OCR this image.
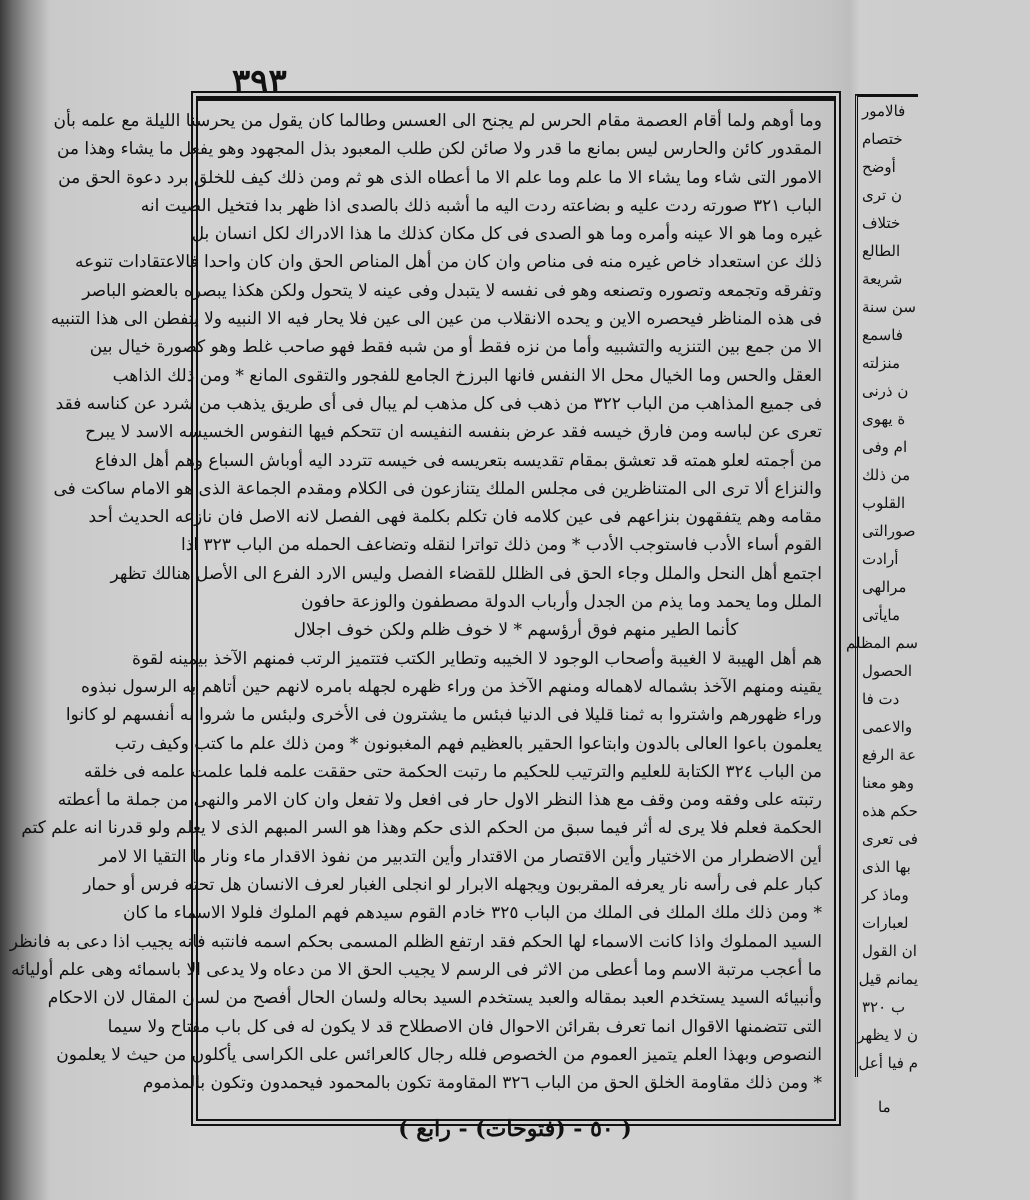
٣٩٣
وما أوهم ولما أقام العصمة مقام الحرس لم يجنح الى العسس وطالما كان يقول من يحرسنا الليلة مع علمه بأن
المقدور كائن والحارس ليس بمانع ما قدر ولا صائن لكن طلب المعبود بذل المجهود وهو يفعل ما يشاء وهذا من
الامور التى شاء وما يشاء الا ما علم وما علم الا ما أعطاه الذى هو ثم ومن ذلك كيف للخلق برد دعوة الحق من
الباب ٣٢١ صورته ردت عليه و بضاعته ردت اليه ما أشبه ذلك بالصدى اذا ظهر بدا فتخيل الصيت انه
غيره وما هو الا عينه وأمره وما هو الصدى فى كل مكان كذلك ما هذا الادراك لكل انسان بل
ذلك عن استعداد خاص غيره منه فى مناص وان كان من أهل المناص الحق وان كان واحدا فالاعتقادات تنوعه
وتفرقه وتجمعه وتصوره وتصنعه وهو فى نفسه لا يتبدل وفى عينه لا يتحول ولكن هكذا يبصره بالعضو الباصر
فى هذه المناظر فيحصره الاين و يحده الانقلاب من عين الى عين فلا يحار فيه الا النبيه ولا يتفطن الى هذا التنبيه
الا من جمع بين التنزيه والتشبيه وأما من نزه فقط أو من شبه فقط فهو صاحب غلط وهو كصورة خيال بين
العقل والحس وما الخيال محل الا النفس فانها البرزخ الجامع للفجور والتقوى المانع * ومن ذلك الذاهب
فى جميع المذاهب من الباب ٣٢٢ من ذهب فى كل مذهب لم يبال فى أى طريق يذهب من شرد عن كناسه فقد
تعرى عن لباسه ومن فارق خيسه فقد عرض بنفسه النفيسه ان تتحكم فيها النفوس الخسيسه الاسد لا يبرح
من أجمته لعلو همته قد تعشق بمقام تقديسه بتعريسه فى خيسه تتردد اليه أوباش السباع وهم أهل الدفاع
والنزاع ألا ترى الى المتناظرين فى مجلس الملك يتنازعون فى الكلام ومقدم الجماعة الذى هو الامام ساكت فى
مقامه وهم يتفقهون بنزاعهم فى عين كلامه فان تكلم بكلمة فهى الفصل لانه الاصل فان نازعه الحديث أحد
القوم أساء الأدب فاستوجب الأدب * ومن ذلك تواترا لنقله وتضاعف الحمله من الباب ٣٢٣ اذا
اجتمع أهل النحل والملل وجاء الحق فى الظلل للقضاء الفصل وليس الارد الفرع الى الأصل هنالك تظهر
الملل وما يحمد وما يذم من الجدل وأرباب الدولة مصطفون والوزعة حافون
كأنما الطير منهم فوق أرؤسهم * لا خوف ظلم ولكن خوف اجلال
هم أهل الهيبة لا الغيبة وأصحاب الوجود لا الخيبه وتطاير الكتب فتتميز الرتب فمنهم الآخذ بيمينه لقوة
يقينه ومنهم الآخذ بشماله لاهماله ومنهم الآخذ من وراء ظهره لجهله بامره لانهم حين أتاهم به الرسول نبذوه
وراء ظهورهم واشتروا به ثمنا قليلا فى الدنيا فبئس ما يشترون فى الأخرى ولبئس ما شروا به أنفسهم لو كانوا
يعلمون باعوا العالى بالدون وابتاعوا الحقير بالعظيم فهم المغبونون * ومن ذلك علم ما كتب وكيف رتب
من الباب ٣٢٤ الكتابة للعليم والترتيب للحكيم ما رتبت الحكمة حتى حققت علمه فلما علمت علمه فى خلقه
رتبته على وفقه ومن وقف مع هذا النظر الاول حار فى افعل ولا تفعل وان كان الامر والنهى من جملة ما أعطته
الحكمة فعلم فلا يرى له أثر فيما سبق من الحكم الذى حكم وهذا هو السر المبهم الذى لا يعلم ولو قدرنا انه علم كتم
أين الاضطرار من الاختيار وأين الاقتصار من الاقتدار وأين التدبير من نفوذ الاقدار ماء ونار ما التقيا الا لامر
كبار علم فى رأسه نار يعرفه المقربون ويجهله الابرار لو انجلى الغبار لعرف الانسان هل تحته فرس أو حمار
* ومن ذلك ملك الملك فى الملك من الباب ٣٢٥ خادم القوم سيدهم فهم الملوك فلولا الاسماء ما كان
السيد المملوك واذا كانت الاسماء لها الحكم فقد ارتفع الظلم المسمى بحكم اسمه فانتبه فانه يجيب اذا دعى به فانظر
ما أعجب مرتبة الاسم وما أعطى من الاثر فى الرسم لا يجيب الحق الا من دعاه ولا يدعى الا باسمائه وهى علم أوليائه
وأنبيائه السيد يستخدم العبد بمقاله والعبد يستخدم السيد بحاله ولسان الحال أفصح من لسان المقال لان الاحكام
التى تتضمنها الاقوال انما تعرف بقرائن الاحوال فان الاصطلاح قد لا يكون له فى كل باب مفتاح ولا سيما
النصوص وبهذا العلم يتميز العموم من الخصوص فلله رجال كالعرائس على الكراسى يأكلون من حيث لا يعلمون
* ومن ذلك مقاومة الخلق الحق من الباب ٣٢٦ المقاومة تكون بالمحمود فيحمدون وتكون بالمذموم
( ٥٠ - (فتوحات) - رابع )
فالامور
ختصام
أوضح
ن ترى
ختلاف
الطالع
شريعة
سن سنة
فاسمع
منزلته
ن ذرنى
ة يهوى
ام وفى
من ذلك
القلوب
صورالتى
أرادت
مرالهى
مايأتى
سم المظلم
الحصول
دت فا
والاعمى
عة الرفع
وهو معنا
حكم هذه
فى تعرى
بها الذى
وماذ كر
لعبارات
ان القول
يمانم قيل
ب ٣٢٠
ن لا يظهر
م فيا أعل
ما
